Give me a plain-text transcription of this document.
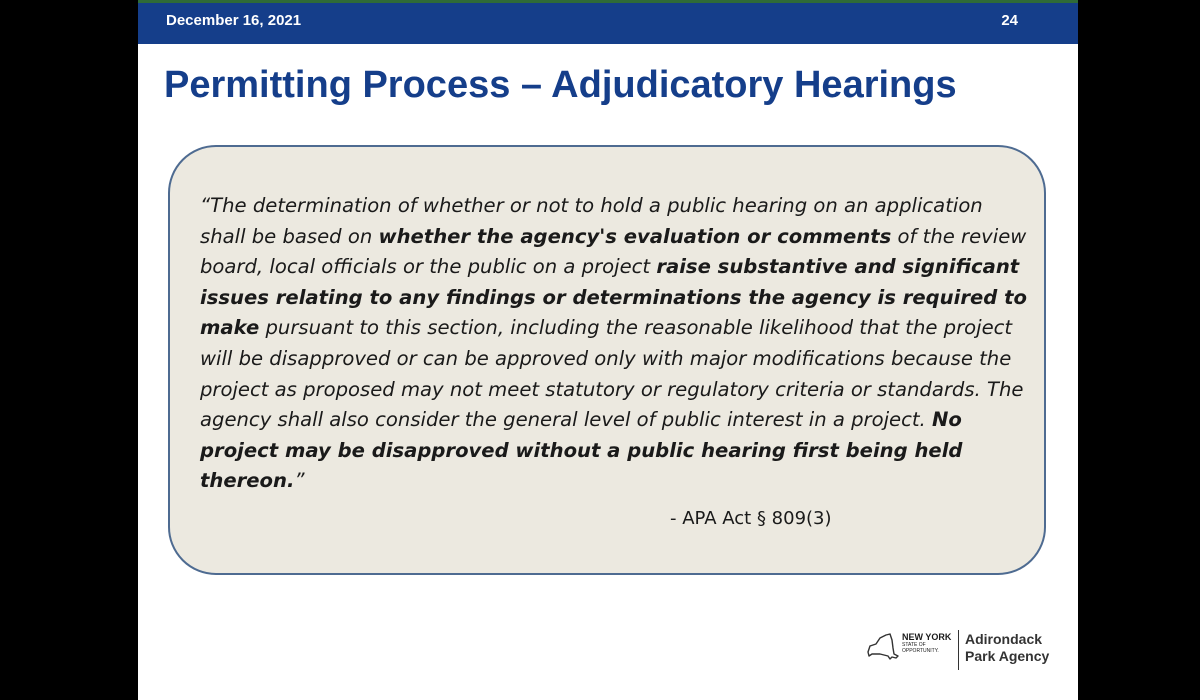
December 16, 2021	24
Permitting Process – Adjudicatory Hearings
“The determination of whether or not to hold a public hearing on an application shall be based on whether the agency's evaluation or comments of the review board, local officials or the public on a project raise substantive and significant issues relating to any findings or determinations the agency is required to make pursuant to this section, including the reasonable likelihood that the project will be disapproved or can be approved only with major modifications because the project as proposed may not meet statutory or regulatory criteria or standards. The agency shall also consider the general level of public interest in a project. No project may be disapproved without a public hearing first being held thereon.”
- APA Act § 809(3)
NEW YORK
STATE OF
OPPORTUNITY.
Adirondack
Park Agency
